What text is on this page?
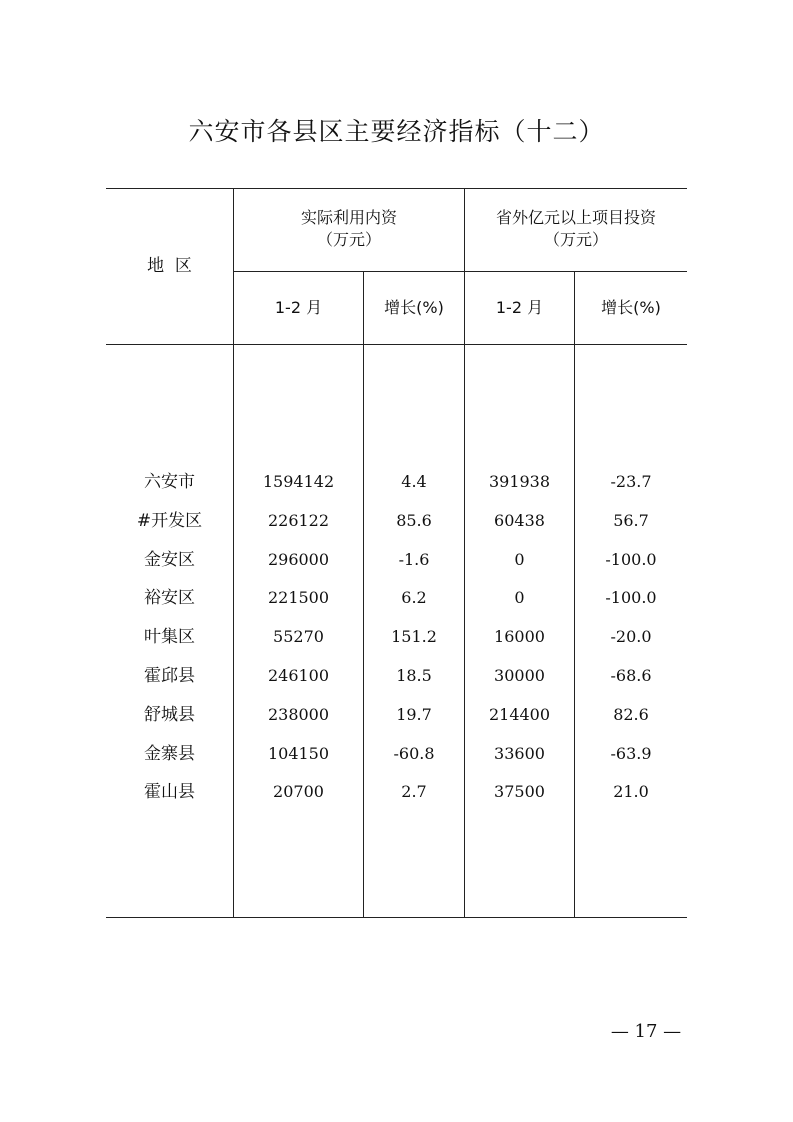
六安市各县区主要经济指标（十二）
地  区
实际利用内资
（万元）
省外亿元以上项目投资
（万元）
1-2 月	增长(%)	1-2 月	增长(%)
六安市	1594142	4.4	391938	-23.7
#开发区	226122	85.6	60438	56.7
金安区	296000	-1.6	0	-100.0
裕安区	221500	6.2	0	-100.0
叶集区	55270	151.2	16000	-20.0
霍邱县	246100	18.5	30000	-68.6
舒城县	238000	19.7	214400	82.6
金寨县	104150	-60.8	33600	-63.9
霍山县	20700	2.7	37500	21.0
— 17 —
